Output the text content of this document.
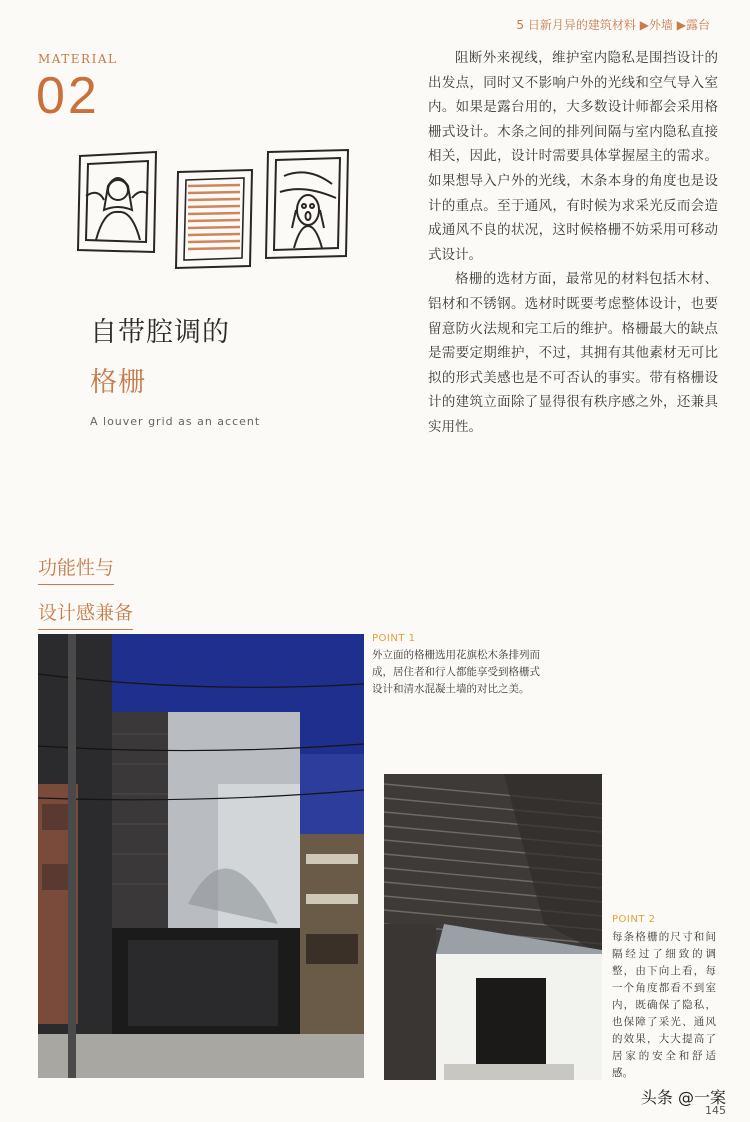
5 日新月异的建筑材料 ▶外墙 ▶露台
MATERIAL
02
自带腔调的
格栅
A louver grid as an accent

阻断外来视线，维护室内隐私是围挡设计的出发点，同时又不影响户外的光线和空气导入室内。如果是露台用的，大多数设计师都会采用格栅式设计。木条之间的排列间隔与室内隐私直接相关，因此，设计时需要具体掌握屋主的需求。如果想导入户外的光线，木条本身的角度也是设计的重点。至于通风，有时候为求采光反而会造成通风不良的状况，这时候格栅不妨采用可移动式设计。

格栅的选材方面，最常见的材料包括木材、铝材和不锈钢。选材时既要考虑整体设计，也要留意防火法规和完工后的维护。格栅最大的缺点是需要定期维护，不过，其拥有其他素材无可比拟的形式美感也是不可否认的事实。带有格栅设计的建筑立面除了显得很有秩序感之外，还兼具实用性。

功能性与
设计感兼备
POINT 1
外立面的格栅选用花旗松木条排列而成，居住者和行人都能享受到格栅式设计和清水混凝土墙的对比之美。
POINT 2
每条格栅的尺寸和间隔经过了细致的调整，由下向上看，每一个角度都看不到室内，既确保了隐私，也保障了采光、通风的效果，大大提高了居家的安全和舒适感。
头条 @一案
145
